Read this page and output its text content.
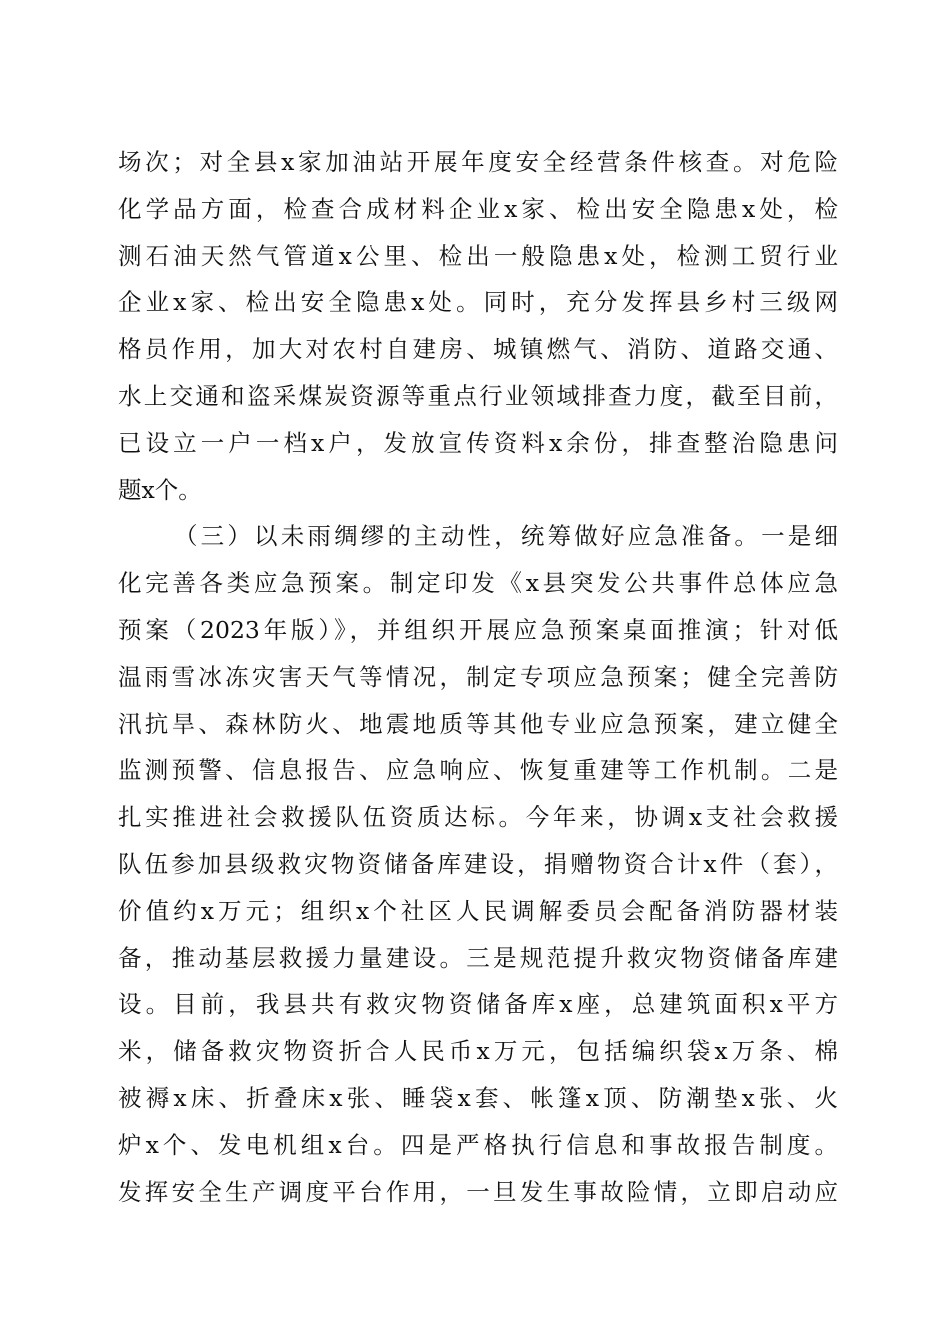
场次；对全县x家加油站开展年度安全经营条件核查。对危险
化学品方面，检查合成材料企业x家、检出安全隐患x处，检
测石油天然气管道x公里、检出一般隐患x处，检测工贸行业
企业x家、检出安全隐患x处。同时，充分发挥县乡村三级网
格员作用，加大对农村自建房、城镇燃气、消防、道路交通、
水上交通和盗采煤炭资源等重点行业领域排查力度，截至目前，
已设立一户一档x户，发放宣传资料x余份，排查整治隐患问
题x个。
（三）以未雨绸缪的主动性，统筹做好应急准备。一是细
化完善各类应急预案。制定印发《x县突发公共事件总体应急
预案（2023年版）》，并组织开展应急预案桌面推演；针对低
温雨雪冰冻灾害天气等情况，制定专项应急预案；健全完善防
汛抗旱、森林防火、地震地质等其他专业应急预案，建立健全
监测预警、信息报告、应急响应、恢复重建等工作机制。二是
扎实推进社会救援队伍资质达标。今年来，协调x支社会救援
队伍参加县级救灾物资储备库建设，捐赠物资合计x件（套），
价值约x万元；组织x个社区人民调解委员会配备消防器材装
备，推动基层救援力量建设。三是规范提升救灾物资储备库建
设。目前，我县共有救灾物资储备库x座，总建筑面积x平方
米，储备救灾物资折合人民币x万元，包括编织袋x万条、棉
被褥x床、折叠床x张、睡袋x套、帐篷x顶、防潮垫x张、火
炉x个、发电机组x台。四是严格执行信息和事故报告制度。
发挥安全生产调度平台作用，一旦发生事故险情，立即启动应
